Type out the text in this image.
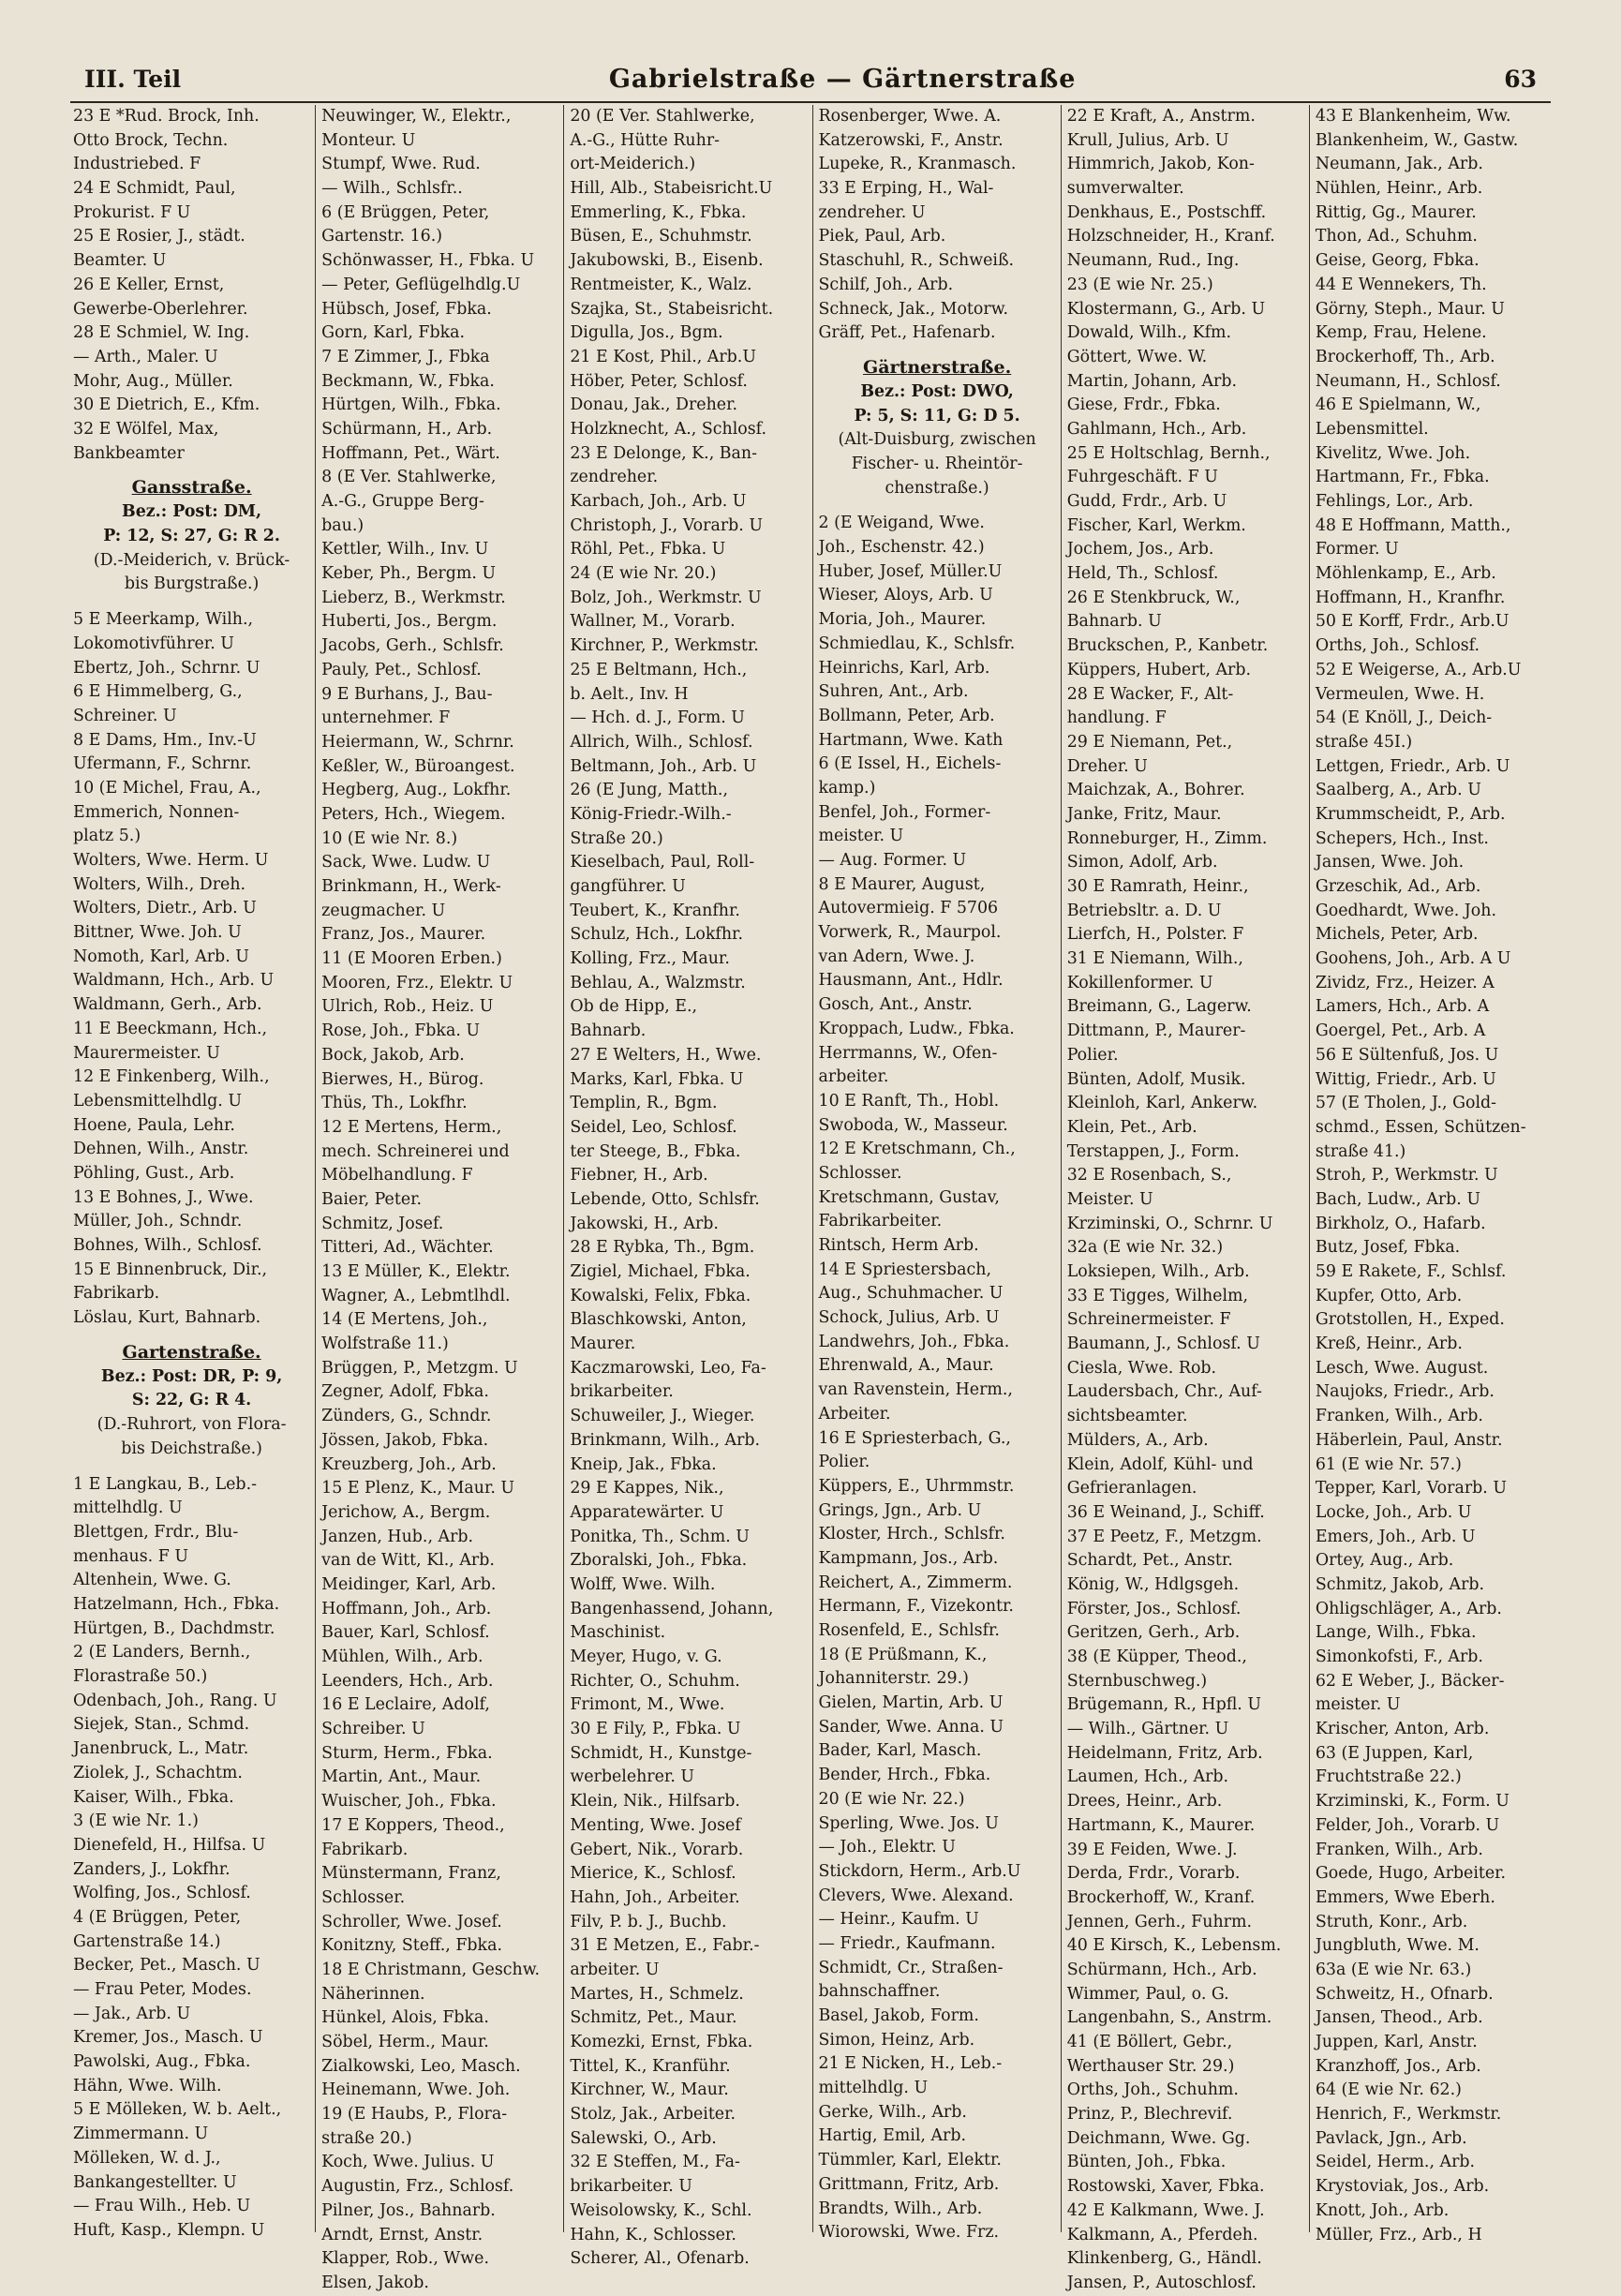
III. Teil	Gabrielstraße — Gärtnerstraße	63
23 E *Rud. Brock, Inh.
Otto Brock, Techn.
Industriebed. F
24 E Schmidt, Paul,
Prokurist. F U
25 E Rosier, J., städt.
Beamter. U
26 E Keller, Ernst,
Gewerbe-Oberlehrer.
28 E Schmiel, W. Ing.
— Arth., Maler. U
Mohr, Aug., Müller.
30 E Dietrich, E., Kfm.
32 E Wölfel, Max,
Bankbeamter
Gansstraße.
Bez.: Post: DM,
P: 12, S: 27, G: R 2.
(D.-Meiderich, v. Brück-
bis Burgstraße.)
5 E Meerkamp, Wilh.,
Lokomotivführer. U
Ebertz, Joh., Schrnr. U
6 E Himmelberg, G.,
Schreiner. U
8 E Dams, Hm., Inv.-U
Ufermann, F., Schrnr.
10 (E Michel, Frau, A.,
Emmerich, Nonnen-
platz 5.)
Wolters, Wwe. Herm. U
Wolters, Wilh., Dreh.
Wolters, Dietr., Arb. U
Bittner, Wwe. Joh. U
Nomoth, Karl, Arb. U
Waldmann, Hch., Arb. U
Waldmann, Gerh., Arb.
11 E Beeckmann, Hch.,
Maurermeister. U
12 E Finkenberg, Wilh.,
Lebensmittelhdlg. U
Hoene, Paula, Lehr.
Dehnen, Wilh., Anstr.
Pöhling, Gust., Arb.
13 E Bohnes, J., Wwe.
Müller, Joh., Schndr.
Bohnes, Wilh., Schlosf.
15 E Binnenbruck, Dir.,
Fabrikarb.
Löslau, Kurt, Bahnarb.
Gartenstraße.
Bez.: Post: DR, P: 9,
S: 22, G: R 4.
(D.-Ruhrort, von Flora-
bis Deichstraße.)
1 E Langkau, B., Leb.-
mittelhdlg. U
Blettgen, Frdr., Blu-
menhaus. F U
Altenhein, Wwe. G.
Hatzelmann, Hch., Fbka.
Hürtgen, B., Dachdmstr.
2 (E Landers, Bernh.,
Florastraße 50.)
Odenbach, Joh., Rang. U
Siejek, Stan., Schmd.
Janenbruck, L., Matr.
Ziolek, J., Schachtm.
Kaiser, Wilh., Fbka.
3 (E wie Nr. 1.)
Dienefeld, H., Hilfsa. U
Zanders, J., Lokfhr.
Wolfing, Jos., Schlosf.
4 (E Brüggen, Peter,
Gartenstraße 14.)
Becker, Pet., Masch. U
— Frau Peter, Modes.
— Jak., Arb. U
Kremer, Jos., Masch. U
Pawolski, Aug., Fbka.
Hähn, Wwe. Wilh.
5 E Mölleken, W. b. Aelt.,
Zimmermann. U
Mölleken, W. d. J.,
Bankangestellter. U
— Frau Wilh., Heb. U
Huft, Kasp., Klempn. U
Neuwinger, W., Elektr.,
Monteur. U
Stumpf, Wwe. Rud.
— Wilh., Schlsfr..
6 (E Brüggen, Peter,
Gartenstr. 16.)
Schönwasser, H., Fbka. U
— Peter, Geflügelhdlg.U
Hübsch, Josef, Fbka.
Gorn, Karl, Fbka.
7 E Zimmer, J., Fbka
Beckmann, W., Fbka.
Hürtgen, Wilh., Fbka.
Schürmann, H., Arb.
Hoffmann, Pet., Wärt.
8 (E Ver. Stahlwerke,
A.-G., Gruppe Berg-
bau.)
Kettler, Wilh., Inv. U
Keber, Ph., Bergm. U
Lieberz, B., Werkmstr.
Huberti, Jos., Bergm.
Jacobs, Gerh., Schlsfr.
Pauly, Pet., Schlosf.
9 E Burhans, J., Bau-
unternehmer. F
Heiermann, W., Schrnr.
Keßler, W., Büroangest.
Hegberg, Aug., Lokfhr.
Peters, Hch., Wiegem.
10 (E wie Nr. 8.)
Sack, Wwe. Ludw. U
Brinkmann, H., Werk-
zeugmacher. U
Franz, Jos., Maurer.
11 (E Mooren Erben.)
Mooren, Frz., Elektr. U
Ulrich, Rob., Heiz. U
Rose, Joh., Fbka. U
Bock, Jakob, Arb.
Bierwes, H., Bürog.
Thüs, Th., Lokfhr.
12 E Mertens, Herm.,
mech. Schreinerei und
Möbelhandlung. F
Baier, Peter.
Schmitz, Josef.
Titteri, Ad., Wächter.
13 E Müller, K., Elektr.
Wagner, A., Lebmtlhdl.
14 (E Mertens, Joh.,
Wolfstraße 11.)
Brüggen, P., Metzgm. U
Zegner, Adolf, Fbka.
Zünders, G., Schndr.
Jössen, Jakob, Fbka.
Kreuzberg, Joh., Arb.
15 E Plenz, K., Maur. U
Jerichow, A., Bergm.
Janzen, Hub., Arb.
van de Witt, Kl., Arb.
Meidinger, Karl, Arb.
Hoffmann, Joh., Arb.
Bauer, Karl, Schlosf.
Mühlen, Wilh., Arb.
Leenders, Hch., Arb.
16 E Leclaire, Adolf,
Schreiber. U
Sturm, Herm., Fbka.
Martin, Ant., Maur.
Wuischer, Joh., Fbka.
17 E Koppers, Theod.,
Fabrikarb.
Münstermann, Franz,
Schlosser.
Schroller, Wwe. Josef.
Konitzny, Steff., Fbka.
18 E Christmann, Geschw.
Näherinnen.
Hünkel, Alois, Fbka.
Söbel, Herm., Maur.
Zialkowski, Leo, Masch.
Heinemann, Wwe. Joh.
19 (E Haubs, P., Flora-
straße 20.)
Koch, Wwe. Julius. U
Augustin, Frz., Schlosf.
Pilner, Jos., Bahnarb.
Arndt, Ernst, Anstr.
Klapper, Rob., Wwe.
Elsen, Jakob.
20 (E Ver. Stahlwerke,
A.-G., Hütte Ruhr-
ort-Meiderich.)
Hill, Alb., Stabeisricht.U
Emmerling, K., Fbka.
Büsen, E., Schuhmstr.
Jakubowski, B., Eisenb.
Rentmeister, K., Walz.
Szajka, St., Stabeisricht.
Digulla, Jos., Bgm.
21 E Kost, Phil., Arb.U
Höber, Peter, Schlosf.
Donau, Jak., Dreher.
Holzknecht, A., Schlosf.
23 E Delonge, K., Ban-
zendreher.
Karbach, Joh., Arb. U
Christoph, J., Vorarb. U
Röhl, Pet., Fbka. U
24 (E wie Nr. 20.)
Bolz, Joh., Werkmstr. U
Wallner, M., Vorarb.
Kirchner, P., Werkmstr.
25 E Beltmann, Hch.,
b. Aelt., Inv. H
— Hch. d. J., Form. U
Allrich, Wilh., Schlosf.
Beltmann, Joh., Arb. U
26 (E Jung, Matth.,
König-Friedr.-Wilh.-
Straße 20.)
Kieselbach, Paul, Roll-
gangführer. U
Teubert, K., Kranfhr.
Schulz, Hch., Lokfhr.
Kolling, Frz., Maur.
Behlau, A., Walzmstr.
Ob de Hipp, E.,
Bahnarb.
27 E Welters, H., Wwe.
Marks, Karl, Fbka. U
Templin, R., Bgm.
Seidel, Leo, Schlosf.
ter Steege, B., Fbka.
Fiebner, H., Arb.
Lebende, Otto, Schlsfr.
Jakowski, H., Arb.
28 E Rybka, Th., Bgm.
Zigiel, Michael, Fbka.
Kowalski, Felix, Fbka.
Blaschkowski, Anton,
Maurer.
Kaczmarowski, Leo, Fa-
brikarbeiter.
Schuweiler, J., Wieger.
Brinkmann, Wilh., Arb.
Kneip, Jak., Fbka.
29 E Kappes, Nik.,
Apparatewärter. U
Ponitka, Th., Schm. U
Zboralski, Joh., Fbka.
Wolff, Wwe. Wilh.
Bangenhassend, Johann,
Maschinist.
Meyer, Hugo, v. G.
Richter, O., Schuhm.
Frimont, M., Wwe.
30 E Fily, P., Fbka. U
Schmidt, H., Kunstge-
werbelehrer. U
Klein, Nik., Hilfsarb.
Menting, Wwe. Josef
Gebert, Nik., Vorarb.
Mierice, K., Schlosf.
Hahn, Joh., Arbeiter.
Filv, P. b. J., Buchb.
31 E Metzen, E., Fabr.-
arbeiter. U
Martes, H., Schmelz.
Schmitz, Pet., Maur.
Komezki, Ernst, Fbka.
Tittel, K., Kranführ.
Kirchner, W., Maur.
Stolz, Jak., Arbeiter.
Salewski, O., Arb.
32 E Steffen, M., Fa-
brikarbeiter. U
Weisolowsky, K., Schl.
Hahn, K., Schlosser.
Scherer, Al., Ofenarb.
Rosenberger, Wwe. A.
Katzerowski, F., Anstr.
Lupeke, R., Kranmasch.
33 E Erping, H., Wal-
zendreher. U
Piek, Paul, Arb.
Staschuhl, R., Schweiß.
Schilf, Joh., Arb.
Schneck, Jak., Motorw.
Gräff, Pet., Hafenarb.
Gärtnerstraße.
Bez.: Post: DWO,
P: 5, S: 11, G: D 5.
(Alt-Duisburg, zwischen
Fischer- u. Rheintör-
chenstraße.)
2 (E Weigand, Wwe.
Joh., Eschenstr. 42.)
Huber, Josef, Müller.U
Wieser, Aloys, Arb. U
Moria, Joh., Maurer.
Schmiedlau, K., Schlsfr.
Heinrichs, Karl, Arb.
Suhren, Ant., Arb.
Bollmann, Peter, Arb.
Hartmann, Wwe. Kath
6 (E Issel, H., Eichels-
kamp.)
Benfel, Joh., Former-
meister. U
— Aug. Former. U
8 E Maurer, August,
Autovermieig. F 5706
Vorwerk, R., Maurpol.
van Adern, Wwe. J.
Hausmann, Ant., Hdlr.
Gosch, Ant., Anstr.
Kroppach, Ludw., Fbka.
Herrmanns, W., Ofen-
arbeiter.
10 E Ranft, Th., Hobl.
Swoboda, W., Masseur.
12 E Kretschmann, Ch.,
Schlosser.
Kretschmann, Gustav,
Fabrikarbeiter.
Rintsch, Herm Arb.
14 E Spriestersbach,
Aug., Schuhmacher. U
Schock, Julius, Arb. U
Landwehrs, Joh., Fbka.
Ehrenwald, A., Maur.
van Ravenstein, Herm.,
Arbeiter.
16 E Spriesterbach, G.,
Polier.
Küppers, E., Uhrmmstr.
Grings, Jgn., Arb. U
Kloster, Hrch., Schlsfr.
Kampmann, Jos., Arb.
Reichert, A., Zimmerm.
Hermann, F., Vizekontr.
Rosenfeld, E., Schlsfr.
18 (E Prüßmann, K.,
Johanniterstr. 29.)
Gielen, Martin, Arb. U
Sander, Wwe. Anna. U
Bader, Karl, Masch.
Bender, Hrch., Fbka.
20 (E wie Nr. 22.)
Sperling, Wwe. Jos. U
— Joh., Elektr. U
Stickdorn, Herm., Arb.U
Clevers, Wwe. Alexand.
— Heinr., Kaufm. U
— Friedr., Kaufmann.
Schmidt, Cr., Straßen-
bahnschaffner.
Basel, Jakob, Form.
Simon, Heinz, Arb.
21 E Nicken, H., Leb.-
mittelhdlg. U
Gerke, Wilh., Arb.
Hartig, Emil, Arb.
Tümmler, Karl, Elektr.
Grittmann, Fritz, Arb.
Brandts, Wilh., Arb.
Wiorowski, Wwe. Frz.
22 E Kraft, A., Anstrm.
Krull, Julius, Arb. U
Himmrich, Jakob, Kon-
sumverwalter.
Denkhaus, E., Postschff.
Holzschneider, H., Kranf.
Neumann, Rud., Ing.
23 (E wie Nr. 25.)
Klostermann, G., Arb. U
Dowald, Wilh., Kfm.
Göttert, Wwe. W.
Martin, Johann, Arb.
Giese, Frdr., Fbka.
Gahlmann, Hch., Arb.
25 E Holtschlag, Bernh.,
Fuhrgeschäft. F U
Gudd, Frdr., Arb. U
Fischer, Karl, Werkm.
Jochem, Jos., Arb.
Held, Th., Schlosf.
26 E Stenkbruck, W.,
Bahnarb. U
Bruckschen, P., Kanbetr.
Küppers, Hubert, Arb.
28 E Wacker, F., Alt-
handlung. F
29 E Niemann, Pet.,
Dreher. U
Maichzak, A., Bohrer.
Janke, Fritz, Maur.
Ronneburger, H., Zimm.
Simon, Adolf, Arb.
30 E Ramrath, Heinr.,
Betriebsltr. a. D. U
Lierfch, H., Polster. F
31 E Niemann, Wilh.,
Kokillenformer. U
Breimann, G., Lagerw.
Dittmann, P., Maurer-
Polier.
Bünten, Adolf, Musik.
Kleinloh, Karl, Ankerw.
Klein, Pet., Arb.
Terstappen, J., Form.
32 E Rosenbach, S.,
Meister. U
Krziminski, O., Schrnr. U
32a (E wie Nr. 32.)
Loksiepen, Wilh., Arb.
33 E Tigges, Wilhelm,
Schreinermeister. F
Baumann, J., Schlosf. U
Ciesla, Wwe. Rob.
Laudersbach, Chr., Auf-
sichtsbeamter.
Mülders, A., Arb.
Klein, Adolf, Kühl- und
Gefrieranlagen.
36 E Weinand, J., Schiff.
37 E Peetz, F., Metzgm.
Schardt, Pet., Anstr.
König, W., Hdlgsgeh.
Förster, Jos., Schlosf.
Geritzen, Gerh., Arb.
38 (E Küpper, Theod.,
Sternbuschweg.)
Brügemann, R., Hpfl. U
— Wilh., Gärtner. U
Heidelmann, Fritz, Arb.
Laumen, Hch., Arb.
Drees, Heinr., Arb.
Hartmann, K., Maurer.
39 E Feiden, Wwe. J.
Derda, Frdr., Vorarb.
Brockerhoff, W., Kranf.
Jennen, Gerh., Fuhrm.
40 E Kirsch, K., Lebensm.
Schürmann, Hch., Arb.
Wimmer, Paul, o. G.
Langenbahn, S., Anstrm.
41 (E Böllert, Gebr.,
Werthauser Str. 29.)
Orths, Joh., Schuhm.
Prinz, P., Blechrevif.
Deichmann, Wwe. Gg.
Bünten, Joh., Fbka.
Rostowski, Xaver, Fbka.
42 E Kalkmann, Wwe. J.
Kalkmann, A., Pferdeh.
Klinkenberg, G., Händl.
Jansen, P., Autoschlosf.
43 E Blankenheim, Ww.
Blankenheim, W., Gastw.
Neumann, Jak., Arb.
Nühlen, Heinr., Arb.
Rittig, Gg., Maurer.
Thon, Ad., Schuhm.
Geise, Georg, Fbka.
44 E Wennekers, Th.
Görny, Steph., Maur. U
Kemp, Frau, Helene.
Brockerhoff, Th., Arb.
Neumann, H., Schlosf.
46 E Spielmann, W.,
Lebensmittel.
Kivelitz, Wwe. Joh.
Hartmann, Fr., Fbka.
Fehlings, Lor., Arb.
48 E Hoffmann, Matth.,
Former. U
Möhlenkamp, E., Arb.
Hoffmann, H., Kranfhr.
50 E Korff, Frdr., Arb.U
Orths, Joh., Schlosf.
52 E Weigerse, A., Arb.U
Vermeulen, Wwe. H.
54 (E Knöll, J., Deich-
straße 45I.)
Lettgen, Friedr., Arb. U
Saalberg, A., Arb. U
Krummscheidt, P., Arb.
Schepers, Hch., Inst.
Jansen, Wwe. Joh.
Grzeschik, Ad., Arb.
Goedhardt, Wwe. Joh.
Michels, Peter, Arb.
Goohens, Joh., Arb. A U
Zividz, Frz., Heizer. A
Lamers, Hch., Arb. A
Goergel, Pet., Arb. A
56 E Sültenfuß, Jos. U
Wittig, Friedr., Arb. U
57 (E Tholen, J., Gold-
schmd., Essen, Schützen-
straße 41.)
Stroh, P., Werkmstr. U
Bach, Ludw., Arb. U
Birkholz, O., Hafarb.
Butz, Josef, Fbka.
59 E Rakete, F., Schlsf.
Kupfer, Otto, Arb.
Grotstollen, H., Exped.
Kreß, Heinr., Arb.
Lesch, Wwe. August.
Naujoks, Friedr., Arb.
Franken, Wilh., Arb.
Häberlein, Paul, Anstr.
61 (E wie Nr. 57.)
Tepper, Karl, Vorarb. U
Locke, Joh., Arb. U
Emers, Joh., Arb. U
Ortey, Aug., Arb.
Schmitz, Jakob, Arb.
Ohligschläger, A., Arb.
Lange, Wilh., Fbka.
Simonkofsti, F., Arb.
62 E Weber, J., Bäcker-
meister. U
Krischer, Anton, Arb.
63 (E Juppen, Karl,
Fruchtstraße 22.)
Krziminski, K., Form. U
Felder, Joh., Vorarb. U
Franken, Wilh., Arb.
Goede, Hugo, Arbeiter.
Emmers, Wwe Eberh.
Struth, Konr., Arb.
Jungbluth, Wwe. M.
63a (E wie Nr. 63.)
Schweitz, H., Ofnarb.
Jansen, Theod., Arb.
Juppen, Karl, Anstr.
Kranzhoff, Jos., Arb.
64 (E wie Nr. 62.)
Henrich, F., Werkmstr.
Pavlack, Jgn., Arb.
Seidel, Herm., Arb.
Krystoviak, Jos., Arb.
Knott, Joh., Arb.
Müller, Frz., Arb., H
